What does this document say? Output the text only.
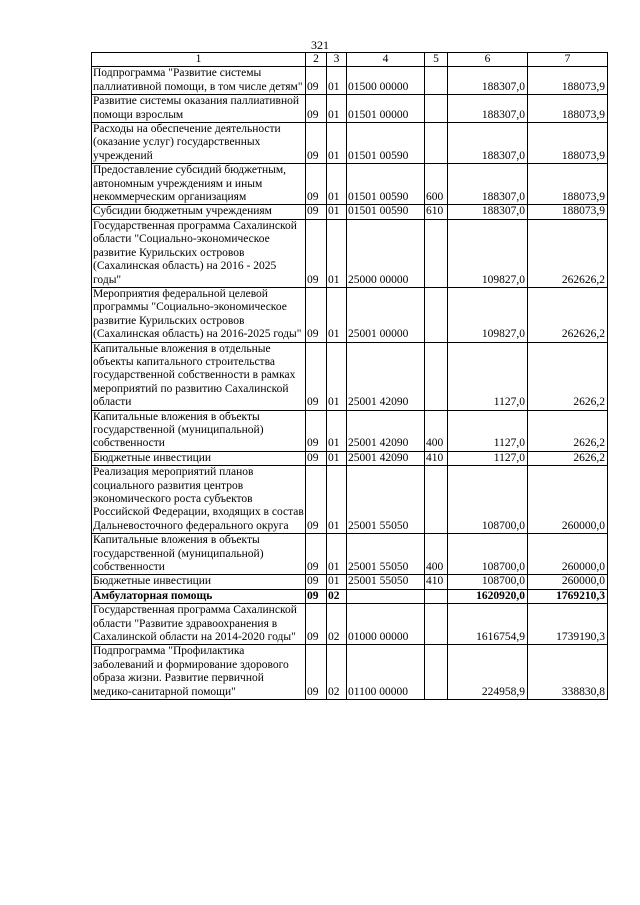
321
1	2	3	4	5	6	7
Подпрограмма "Развитие системы паллиативной помощи, в том числе детям"	09	01	01500 00000		188307,0	188073,9
Развитие системы оказания паллиативной помощи взрослым	09	01	01501 00000		188307,0	188073,9
Расходы на обеспечение деятельности (оказание услуг) государственных учреждений	09	01	01501 00590		188307,0	188073,9
Предоставление субсидий бюджетным, автономным учреждениям и иным некоммерческим организациям	09	01	01501 00590	600	188307,0	188073,9
Субсидии бюджетным учреждениям	09	01	01501 00590	610	188307,0	188073,9
Государственная программа Сахалинской области "Социально-экономическое развитие Курильских островов (Сахалинская область) на 2016 - 2025 годы"	09	01	25000 00000		109827,0	262626,2
Мероприятия федеральной целевой программы "Социально-экономическое развитие Курильских островов (Сахалинская область) на 2016-2025 годы"	09	01	25001 00000		109827,0	262626,2
Капитальные вложения в отдельные объекты капитального строительства государственной собственности в рамках мероприятий по развитию Сахалинской области	09	01	25001 42090		1127,0	2626,2
Капитальные вложения в объекты государственной (муниципальной) собственности	09	01	25001 42090	400	1127,0	2626,2
Бюджетные инвестиции	09	01	25001 42090	410	1127,0	2626,2
Реализация мероприятий планов социального развития центров экономического роста субъектов Российской Федерации, входящих в состав Дальневосточного федерального округа	09	01	25001 55050		108700,0	260000,0
Капитальные вложения в объекты государственной (муниципальной) собственности	09	01	25001 55050	400	108700,0	260000,0
Бюджетные инвестиции	09	01	25001 55050	410	108700,0	260000,0
Амбулаторная помощь	09	02			1620920,0	1769210,3
Государственная программа Сахалинской области "Развитие здравоохранения в Сахалинской области на 2014-2020 годы"	09	02	01000 00000		1616754,9	1739190,3
Подпрограмма "Профилактика заболеваний и формирование здорового образа жизни. Развитие первичной медико-санитарной помощи"	09	02	01100 00000		224958,9	338830,8
